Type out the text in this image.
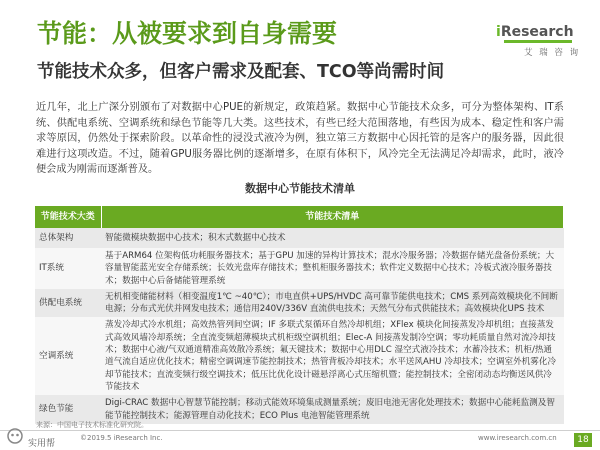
节能：从被要求到自身需要
节能技术众多，但客户需求及配套、TCO等尚需时间
iResearch
艾 瑞 咨 询
近几年，北上广深分别颁布了对数据中心PUE的新规定，政策趋紧。数据中心节能技术众多，可分为整体架构、IT系统、供配电系统、空调系统和绿色节能等几大类。这些技术，有些已经大范围落地，有些因为成本、稳定性和客户需求等原因，仍然处于探索阶段。以革命性的浸没式液冷为例，独立第三方数据中心因托管的是客户的服务器，因此很难进行这项改造。不过，随着GPU服务器比例的逐渐增多，在原有体积下，风冷完全无法满足冷却需求，此时，液冷便会成为刚需而逐渐普及。
数据中心节能技术清单
节能技术大类	节能技术清单
总体架构	智能微模块数据中心技术；积木式数据中心技术
IT系统	基于ARM64 位架构低功耗服务器技术；基于GPU 加速的异构计算技术；混水冷服务器；冷数据存储光盘备份系统；大容量智能蓝光安全存储系统；长效光盘库存储技术；整机柜服务器技术；软件定义数据中心技术；冷板式液冷服务器技术；数据中心后备储能管理系统
供配电系统	无机相变储能材料（相变温度1℃ ~40℃）；市电直供+UPS/HVDC 高可靠节能供电技术；CMS 系列高效模块化不间断电源；分布式光伏并网发电技术；通信用240V/336V 直流供电技术；天然气分布式供能技术；高效模块化UPS 技术
空调系统	蒸发冷却式冷水机组；高效热管列间空调；IF 多联式泵循环自然冷却机组；XFlex 模块化间接蒸发冷却机组；直接蒸发式高效风墙冷却系统；全直流变频超薄模块式机柜级空调机组；Elec-A 间接蒸发制冷空调；零功耗质量自然对流冷却技术；数据中心液/气双通道精准高效散冷系统；氟天键技术；数据中心用DLC 湿空式液冷技术；水蓄冷技术；机柜/热通道气流自适应优化技术；精密空调调速节能控制技术；热管背板冷却技术；水平送风AHU 冷却技术；空调室外机雾化冷却节能技术；直流变频行级空调技术；低压比优化设计磁悬浮离心式压缩机暨；能控制技术；全密闭动态均衡送风供冷节能技术
绿色节能	Digi-CRAC 数据中心智慧节能控制；移动式能效环境集成测量系统；废旧电池无害化处理技术；数据中心能耗监测及智能节能控制技术；能源管理自动化技术；ECO Plus 电池智能管理系统
来源：中国电子技术标准化研究院。
实用帮
©2019.5 iResearch Inc.	www.iresearch.com.cn	18
